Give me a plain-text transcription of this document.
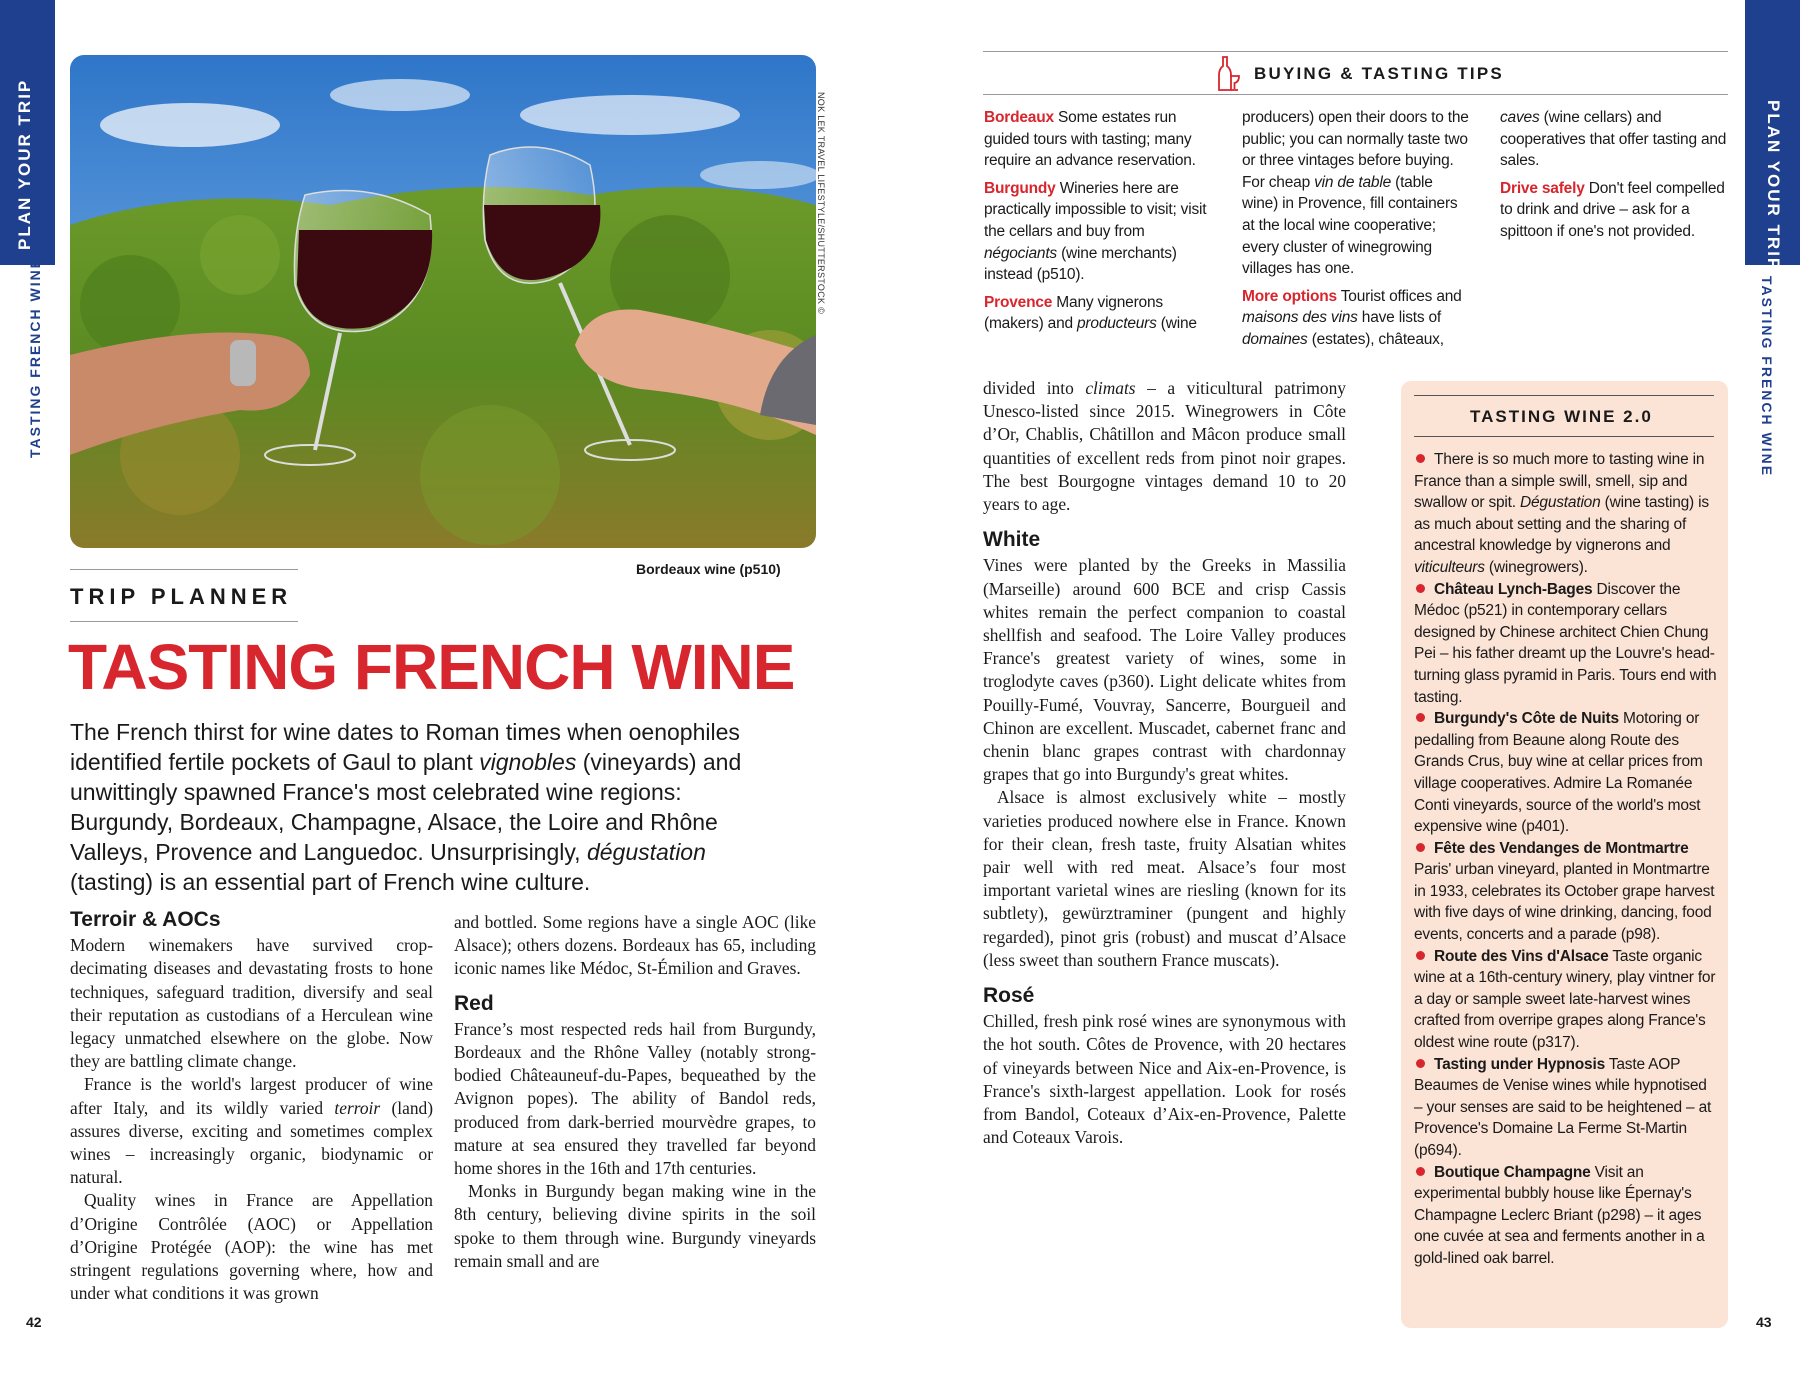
PLAN YOUR TRIP
TASTING FRENCH WINE
PLAN YOUR TRIP
TASTING FRENCH WINE
NOK LEK TRAVEL LIFESTYLE/SHUTTERSTOCK ©
Bordeaux wine (p510)
TRIP PLANNER
TASTING FRENCH WINE
The French thirst for wine dates to Roman times when oenophiles identified fertile pockets of Gaul to plant vignobles (vineyards) and unwittingly spawned France's most celebrated wine regions: Burgundy, Bordeaux, Champagne, Alsace, the Loire and Rhône Valleys, Provence and Languedoc. Unsurprisingly, dégustation (tasting) is an essential part of French wine culture.
Terroir & AOCs

Modern winemakers have survived crop-decimating diseases and devastating frosts to hone techniques, safeguard tradition, diversify and seal their reputation as custodians of a Herculean wine legacy unmatched elsewhere on the globe. Now they are battling climate change.

France is the world's largest producer of wine after Italy, and its wildly varied terroir (land) assures diverse, exciting and sometimes complex wines – increasingly organic, biodynamic or natural.

Quality wines in France are Appellation d’Origine Contrôlée (AOC) or Appellation d’Origine Protégée (AOP): the wine has met stringent regulations governing where, how and under what conditions it was grown

and bottled. Some regions have a single AOC (like Alsace); others dozens. Bordeaux has 65, including iconic names like Médoc, St-Émilion and Graves.

Red

France’s most respected reds hail from Burgundy, Bordeaux and the Rhône Valley (notably strong-bodied Châteauneuf-du-Papes, bequeathed by the Avignon popes). The ability of Bandol reds, produced from dark-berried mourvèdre grapes, to mature at sea ensured they travelled far beyond home shores in the 16th and 17th centuries.

Monks in Burgundy began making wine in the 8th century, believing divine spirits in the soil spoke to them through wine. Burgundy vineyards remain small and are

42
BUYING & TASTING TIPS

Bordeaux Some estates run guided tours with tasting; many require an advance reservation.

Burgundy Wineries here are practically impossible to visit; visit the cellars and buy from négociants (wine merchants) instead (p510).

Provence Many vignerons (makers) and producteurs (wine

producers) open their doors to the public; you can normally taste two or three vintages before buying. For cheap vin de table (table wine) in Provence, fill containers at the local wine cooperative; every cluster of winegrowing villages has one.

More options Tourist offices and maisons des vins have lists of domaines (estates), châteaux,

caves (wine cellars) and cooperatives that offer tasting and sales.

Drive safely Don't feel compelled to drink and drive – ask for a spittoon if one's not provided.

divided into climats – a viticultural patrimony Unesco-listed since 2015. Winegrowers in Côte d’Or, Chablis, Châtillon and Mâcon produce small quantities of excellent reds from pinot noir grapes. The best Bourgogne vintages demand 10 to 20 years to age.

White

Vines were planted by the Greeks in Massilia (Marseille) around 600 BCE and crisp Cassis whites remain the perfect companion to coastal shellfish and seafood. The Loire Valley produces France's greatest variety of wines, some in troglodyte caves (p360). Light delicate whites from Pouilly-Fumé, Vouvray, Sancerre, Bourgueil and Chinon are excellent. Muscadet, cabernet franc and chenin blanc grapes contrast with chardonnay grapes that go into Burgundy's great whites.

Alsace is almost exclusively white – mostly varieties produced nowhere else in France. Known for their clean, fresh taste, fruity Alsatian whites pair well with red meat. Alsace’s four most important varietal wines are riesling (known for its subtlety), gewürztraminer (pungent and highly regarded), pinot gris (robust) and muscat d’Alsace (less sweet than southern France muscats).

Rosé

Chilled, fresh pink rosé wines are synonymous with the hot south. Côtes de Provence, with 20 hectares of vineyards between Nice and Aix-en-Provence, is France's sixth-largest appellation. Look for rosés from Bandol, Coteaux d’Aix-en-Provence, Palette and Coteaux Varois.

TASTING WINE 2.0

There is so much more to tasting wine in France than a simple swill, smell, sip and swallow or spit. Dégustation (wine tasting) is as much about setting and the sharing of ancestral knowledge by vignerons and viticulteurs (winegrowers).

Château Lynch-Bages Discover the Médoc (p521) in contemporary cellars designed by Chinese architect Chien Chung Pei – his father dreamt up the Louvre's head-turning glass pyramid in Paris. Tours end with tasting.

Burgundy's Côte de Nuits Motoring or pedalling from Beaune along Route des Grands Crus, buy wine at cellar prices from village cooperatives. Admire La Romanée Conti vineyards, source of the world's most expensive wine (p401).

Fête des Vendanges de Montmartre Paris' urban vineyard, planted in Montmartre in 1933, celebrates its October grape harvest with five days of wine drinking, dancing, food events, concerts and a parade (p98).

Route des Vins d'Alsace Taste organic wine at a 16th-century winery, play vintner for a day or sample sweet late-harvest wines crafted from overripe grapes along France's oldest wine route (p317).

Tasting under Hypnosis Taste AOP Beaumes de Venise wines while hypnotised – your senses are said to be heightened – at Provence's Domaine La Ferme St-Martin (p694).

Boutique Champagne Visit an experimental bubbly house like Épernay's Champagne Leclerc Briant (p298) – it ages one cuvée at sea and ferments another in a gold-lined oak barrel.

43
